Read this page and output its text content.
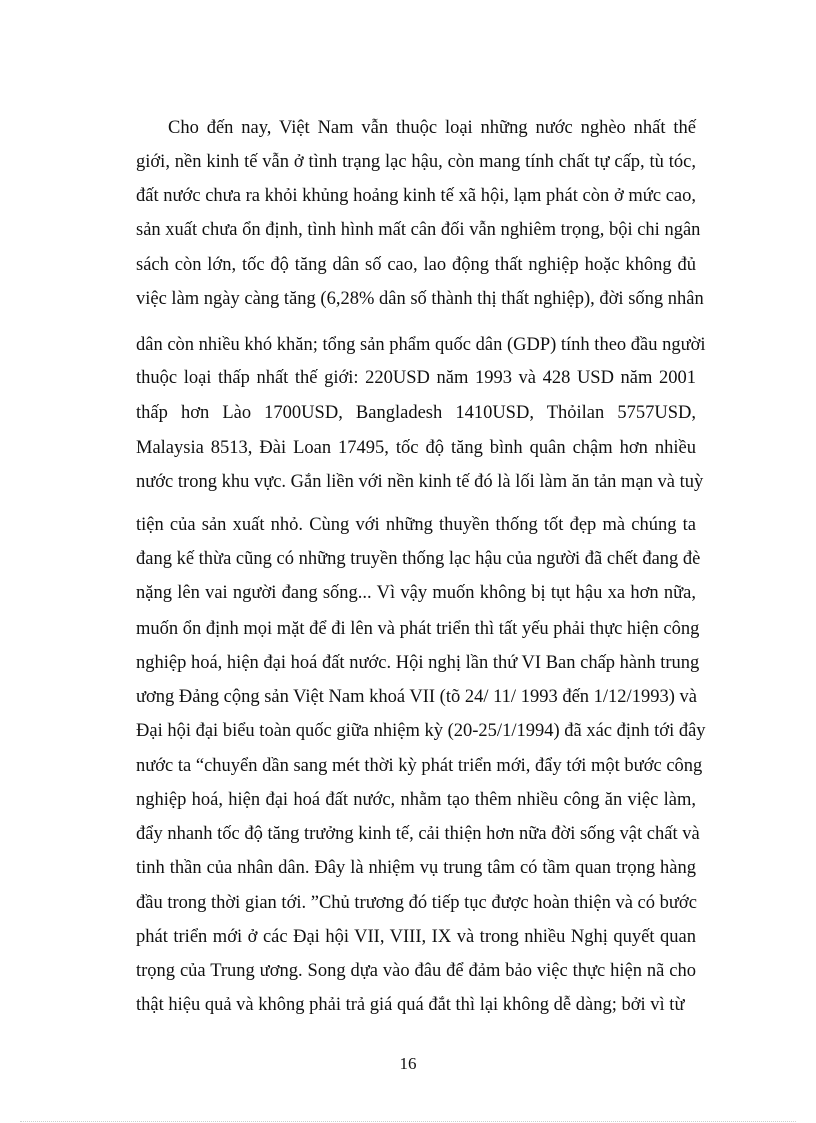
Cho đến nay, Việt Nam vẫn thuộc loại những nước nghèo nhất thế
giới, nền kinh tế vẫn ở tình trạng lạc hậu, còn mang tính chất tự cấp, tù tóc,
đất nước chưa ra khỏi khủng hoảng kinh tế xã hội, lạm phát còn ở mức cao,
sản xuất chưa ổn định, tình hình mất cân đối vẫn nghiêm trọng, bội chi ngân
sách còn lớn, tốc độ tăng dân số cao, lao động thất nghiệp hoặc không đủ
việc làm ngày càng tăng (6,28% dân số thành thị thất nghiệp), đời sống nhân
dân còn nhiều khó khăn; tổng sản phẩm quốc dân (GDP) tính theo đầu người
thuộc loại thấp nhất thế giới: 220USD năm 1993 và 428 USD năm 2001
thấp hơn Lào 1700USD, Bangladesh 1410USD, Thỏilan 5757USD,
Malaysia 8513, Đài Loan 17495, tốc độ tăng bình quân chậm hơn nhiều
nước trong khu vực. Gắn liền với nền kinh tế đó là lối làm ăn tản mạn và tuỳ
tiện của sản xuất nhỏ. Cùng với những thuyền thống tốt đẹp mà chúng ta
đang kế thừa cũng có những truyền thống lạc hậu của người đã chết đang đè
nặng lên vai người đang sống... Vì vậy muốn không bị tụt hậu xa hơn nữa,
muốn ổn định mọi mặt để đi lên và phát triển thì tất yếu phải thực hiện công
nghiệp hoá, hiện đại hoá đất nước. Hội nghị lần thứ VI Ban chấp hành trung
ương Đảng cộng sản Việt Nam khoá VII (tõ 24/ 11/ 1993 đến 1/12/1993) và
Đại hội đại biểu toàn quốc giữa nhiệm kỳ (20-25/1/1994) đã xác định tới đây
nước ta “chuyển dần sang mét thời kỳ phát triển mới, đẩy tới một bước công
nghiệp hoá, hiện đại hoá đất nước, nhằm tạo thêm nhiều công ăn việc làm,
đẩy nhanh tốc độ tăng trưởng kinh tế, cải thiện hơn nữa đời sống vật chất và
tinh thần của nhân dân. Đây là nhiệm vụ trung tâm có tầm quan trọng hàng
đầu trong thời gian tới. ”Chủ trương đó tiếp tục được hoàn thiện và có bước
phát triển mới ở các Đại hội VII, VIII, IX và trong nhiều Nghị quyết quan
trọng của Trung ương. Song dựa vào đâu để đảm bảo việc thực hiện nã cho
thật hiệu quả và không phải trả giá quá đắt thì lại không dễ dàng; bởi vì từ
16
